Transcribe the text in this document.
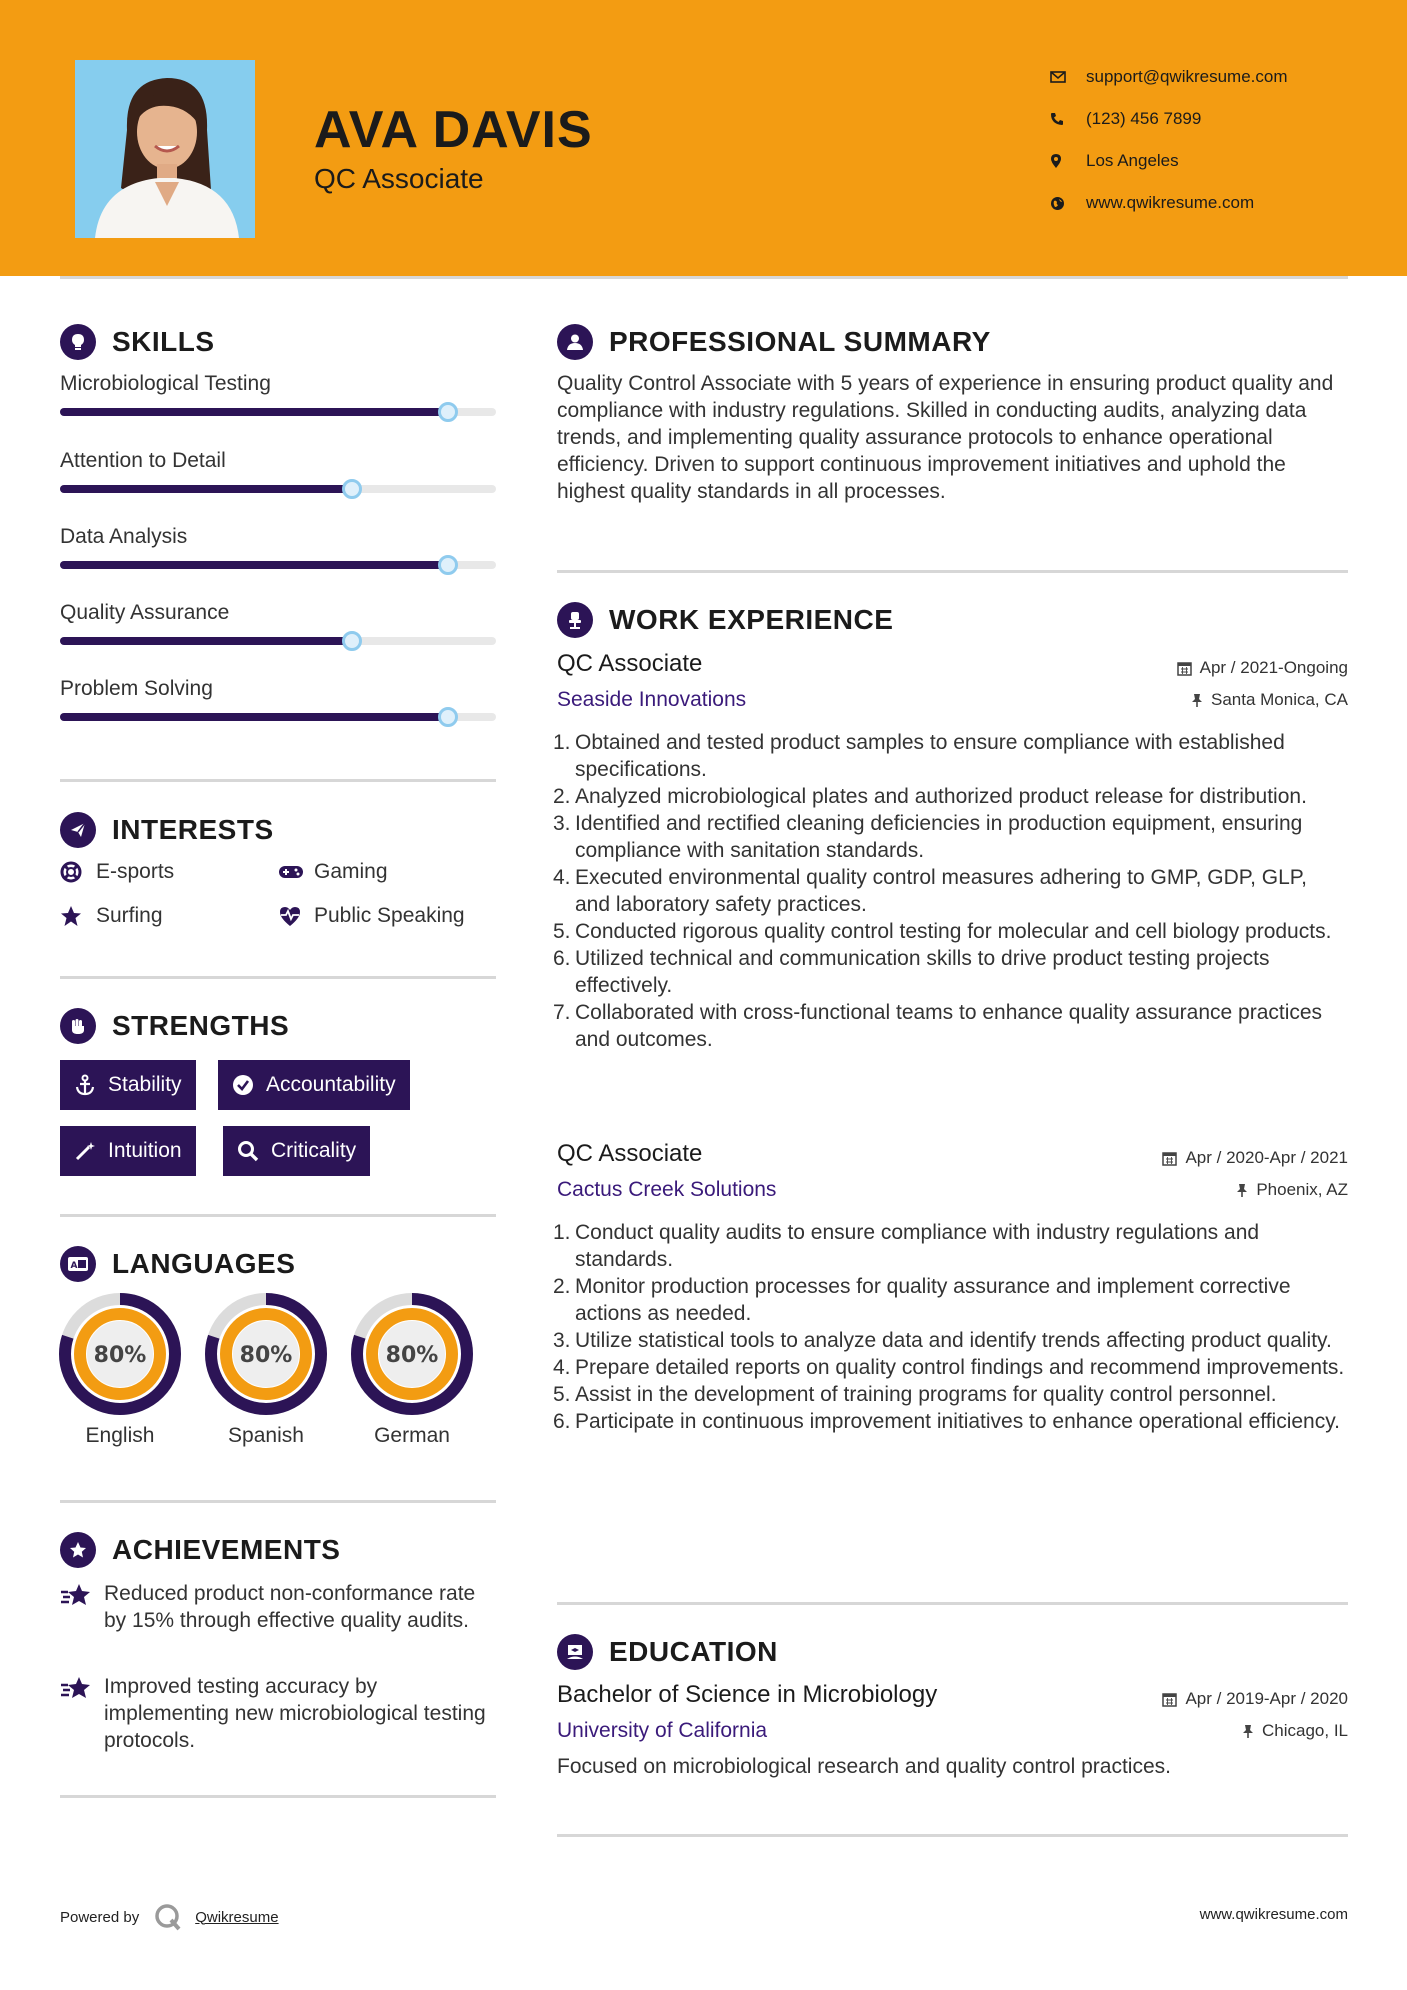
AVA DAVIS
QC Associate
support@qwikresume.com
(123) 456 7899
Los Angeles
www.qwikresume.com
SKILLS
Microbiological Testing
Attention to Detail
Data Analysis
Quality Assurance
Problem Solving
INTERESTS
E-sports	Gaming
Surfing	Public Speaking
STRENGTHS
Stability	Accountability
Intuition	Criticality
A LANGUAGES
80%
English
80%
Spanish
80%
German
ACHIEVEMENTS
Reduced product non-conformance rate by 15% through effective quality audits.
Improved testing accuracy by implementing new microbiological testing protocols.
PROFESSIONAL SUMMARY
Quality Control Associate with 5 years of experience in ensuring product quality and compliance with industry regulations. Skilled in conducting audits, analyzing data trends, and implementing quality assurance protocols to enhance operational efficiency. Driven to support continuous improvement initiatives and uphold the highest quality standards in all processes.
WORK EXPERIENCE
QC Associate	Apr / 2021-Ongoing
Seaside Innovations	Santa Monica, CA
1. Obtained and tested product samples to ensure compliance with established specifications.
2. Analyzed microbiological plates and authorized product release for distribution.
3. Identified and rectified cleaning deficiencies in production equipment, ensuring compliance with sanitation standards.
4. Executed environmental quality control measures adhering to GMP, GDP, GLP, and laboratory safety practices.
5. Conducted rigorous quality control testing for molecular and cell biology products.
6. Utilized technical and communication skills to drive product testing projects effectively.
7. Collaborated with cross-functional teams to enhance quality assurance practices and outcomes.
QC Associate	Apr / 2020-Apr / 2021
Cactus Creek Solutions	Phoenix, AZ
1. Conduct quality audits to ensure compliance with industry regulations and standards.
2. Monitor production processes for quality assurance and implement corrective actions as needed.
3. Utilize statistical tools to analyze data and identify trends affecting product quality.
4. Prepare detailed reports on quality control findings and recommend improvements.
5. Assist in the development of training programs for quality control personnel.
6. Participate in continuous improvement initiatives to enhance operational efficiency.
EDUCATION
Bachelor of Science in Microbiology	Apr / 2019-Apr / 2020
University of California	Chicago, IL
Focused on microbiological research and quality control practices.
Powered by	Qwikresume	www.qwikresume.com
